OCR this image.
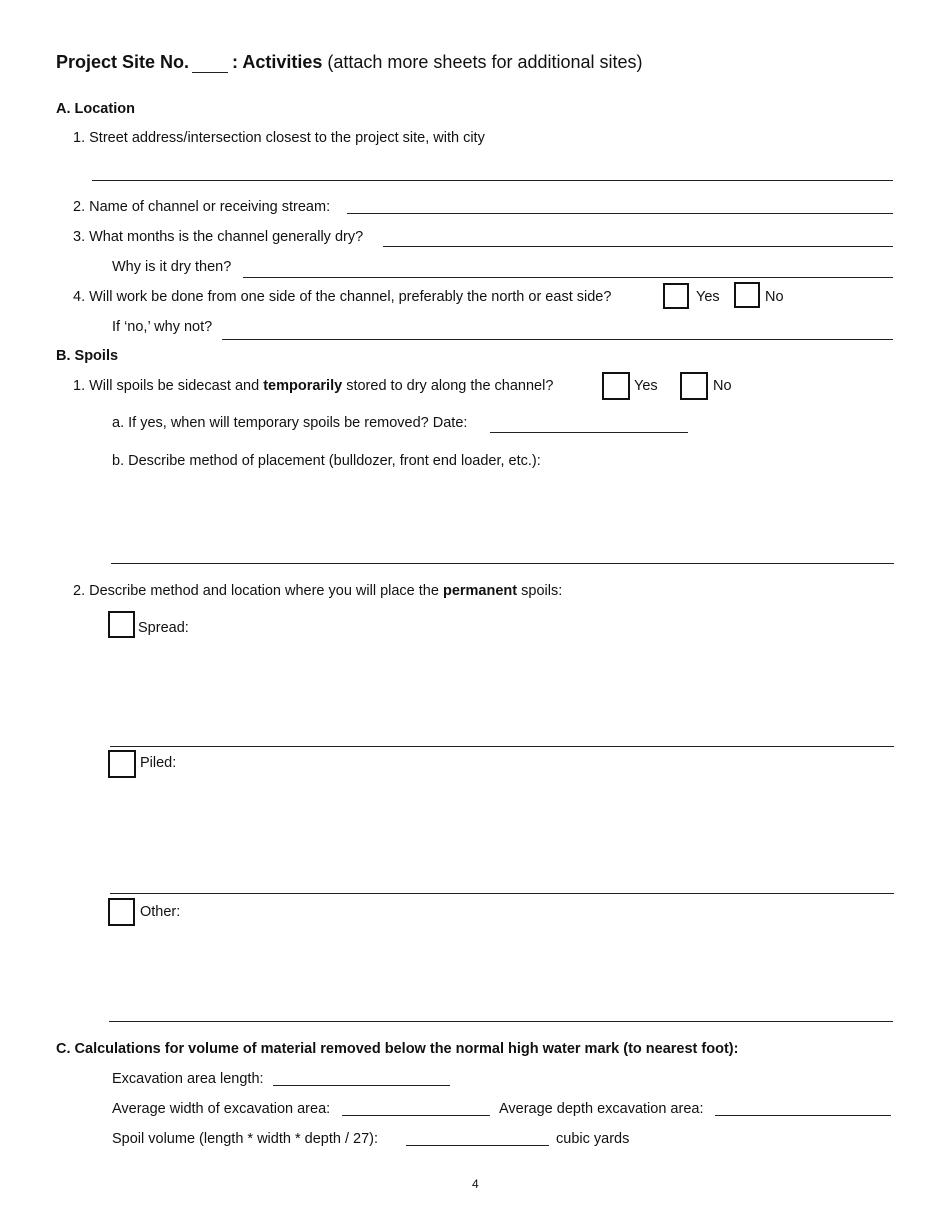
Project Site No. : Activities (attach more sheets for additional sites)
A. Location
1. Street address/intersection closest to the project site, with city
2. Name of channel or receiving stream:
3. What months is the channel generally dry?
Why is it dry then?
4. Will work be done from one side of the channel, preferably the north or east side?	Yes	No
If ‘no,’ why not?
B. Spoils
1. Will spoils be sidecast and temporarily stored to dry along the channel?	Yes	No
a. If yes, when will temporary spoils be removed? Date:
b. Describe method of placement (bulldozer, front end loader, etc.):
2. Describe method and location where you will place the permanent spoils:
Spread:
Piled:
Other:
C. Calculations for volume of material removed below the normal high water mark (to nearest foot):
Excavation area length:
Average width of excavation area:	Average depth excavation area:
Spoil volume (length * width * depth / 27):	cubic yards
4
